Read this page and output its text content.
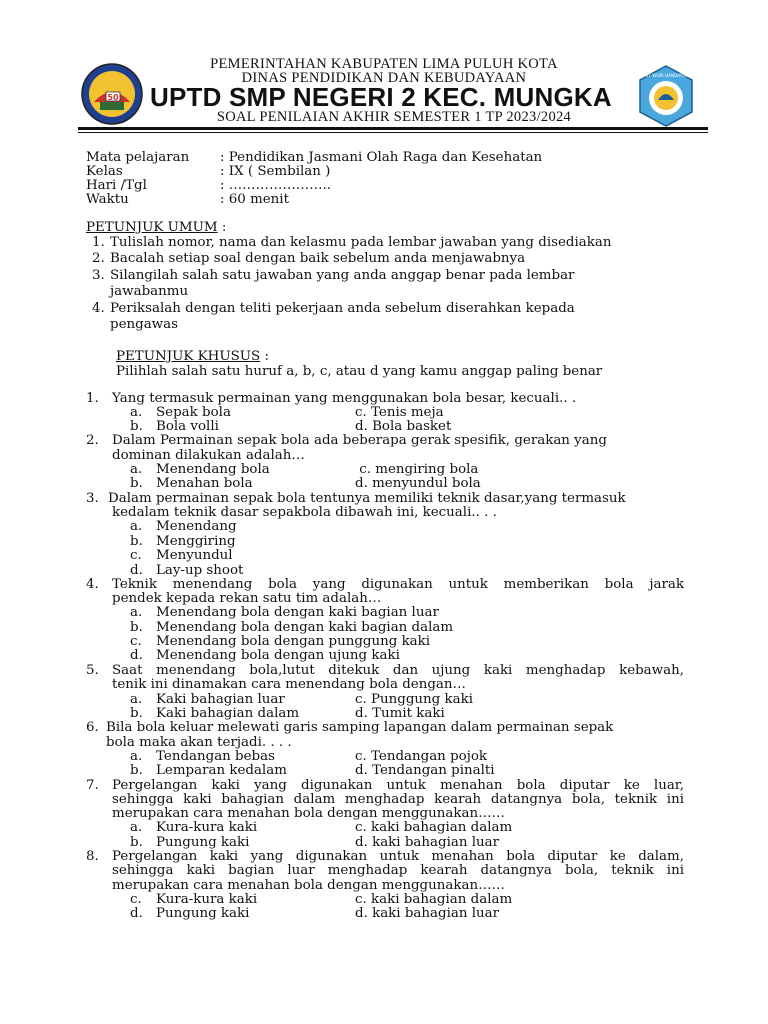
50
TUT WURI HANDAYANI
PEMERINTAHAN KABUPATEN LIMA PULUH KOTA
DINAS PENDIDIKAN DAN KEBUDAYAAN
UPTD SMP NEGERI 2 KEC. MUNGKA
SOAL PENILAIAN AKHIR SEMESTER 1 TP 2023/2024
Mata pelajaran : Pendidikan Jasmani Olah Raga dan Kesehatan
Kelas	: IX ( Sembilan )
Hari /Tgl	: …………………..
Waktu	: 60 menit
PETUNJUK UMUM :
1. Tulislah nomor, nama dan kelasmu pada lembar jawaban yang disediakan
2. Bacalah setiap soal dengan baik sebelum anda menjawabnya
3. Silangilah salah satu jawaban yang anda anggap benar pada lembar
jawabanmu
4. Periksalah dengan teliti pekerjaan anda sebelum diserahkan kepada
pengawas
PETUNJUK KHUSUS :
Pilihlah salah satu huruf a, b, c, atau d yang kamu anggap paling benar
1. Yang termasuk permainan yang menggunakan bola besar, kecuali.. .
a. Sepak bola	c. Tenis meja
b. Bola volli	d. Bola basket
2. Dalam Permainan sepak bola ada beberapa gerak spesifik, gerakan yang
dominan dilakukan adalah…
a. Menendang bola	c. mengiring bola
b. Menahan bola	d. menyundul bola
3. Dalam permainan sepak bola tentunya memiliki teknik dasar,yang termasuk
kedalam teknik dasar sepakbola dibawah ini, kecuali.. . .
a. Menendang
b. Menggiring
c. Menyundul
d. Lay-up shoot
4. Teknik menendang bola yang digunakan untuk memberikan bola jarak
pendek kepada rekan satu tim adalah…
a. Menendang bola dengan kaki bagian luar
b. Menendang bola dengan kaki bagian dalam
c. Menendang bola dengan punggung kaki
d. Menendang bola dengan ujung kaki
5. Saat menendang bola,lutut ditekuk dan ujung kaki menghadap kebawah,
tenik ini dinamakan cara menendang bola dengan…
a. Kaki bahagian luar	c. Punggung kaki
b. Kaki bahagian dalam	d. Tumit kaki
6. Bila bola keluar melewati garis samping lapangan dalam permainan sepak
bola maka akan terjadi. . . .
a. Tendangan bebas	c. Tendangan pojok
b. Lemparan kedalam	d. Tendangan pinalti
7. Pergelangan kaki yang digunakan untuk menahan bola diputar ke luar,
sehingga kaki bahagian dalam menghadap kearah datangnya bola, teknik ini
merupakan cara menahan bola dengan menggunakan……
a. Kura-kura kaki	c. kaki bahagian dalam
b. Pungung kaki	d. kaki bahagian luar
8. Pergelangan kaki yang digunakan untuk menahan bola diputar ke dalam,
sehingga kaki bagian luar menghadap kearah datangnya bola, teknik ini
merupakan cara menahan bola dengan menggunakan……
c. Kura-kura kaki	c. kaki bahagian dalam
d. Pungung kaki	d. kaki bahagian luar
